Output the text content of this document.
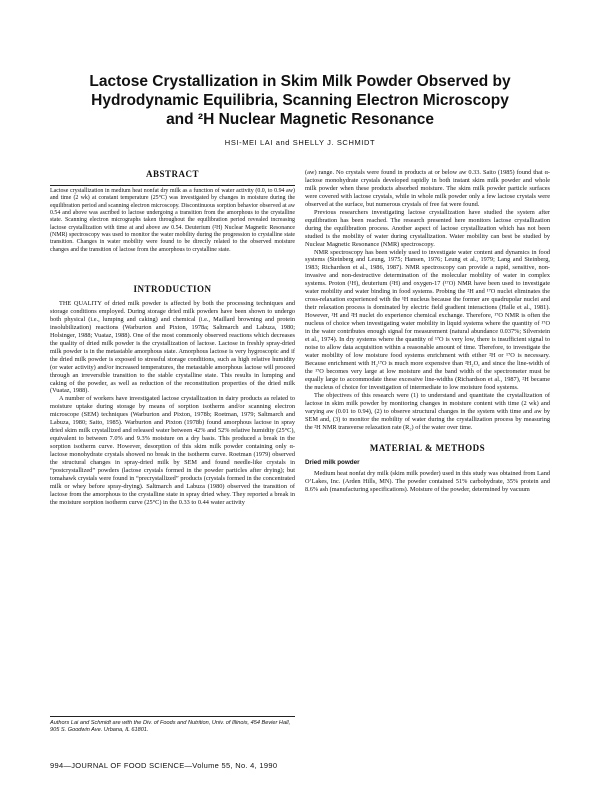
Lactose Crystallization in Skim Milk Powder Observed by
Hydrodynamic Equilibria, Scanning Electron Microscopy
and ²H Nuclear Magnetic Resonance
HSI-MEI LAI and SHELLY J. SCHMIDT
ABSTRACT

Lactose crystallization in medium heat nonfat dry milk as a function of water activity (0.0, to 0.94 aw) and time (2 wk) at constant temperature (25°C) was investigated by changes in moisture during the equilibration period and scanning electron microscopy. Discontinuous sorption behavior observed at aw 0.54 and above was ascribed to lactose undergoing a transition from the amorphous to the crystalline state. Scanning electron micrographs taken throughout the equilibration period revealed increasing lactose crystallization with time at and above aw 0.54. Deuterium (²H) Nuclear Magnetic Resonance (NMR) spectroscopy was used to monitor the water mobility during the progression to crystalline state transition. Changes in water mobility were found to be directly related to the observed moisture changes and the transition of lactose from the amorphous to crystalline state.

INTRODUCTION

THE QUALITY of dried milk powder is affected by both the processing techniques and storage conditions employed. During storage dried milk powders have been shown to undergo both physical (i.e., lumping and caking) and chemical (i.e., Maillard browning and protein insolubilization) reactions (Warburton and Pixton, 1978a; Saltmarch and Labuza, 1980; Holsinger, 1988; Vuataz, 1988). One of the most commonly observed reactions which decreases the quality of dried milk powder is the crystallization of lactose. Lactose in freshly spray-dried milk powder is in the metastable amorphous state. Amorphous lactose is very hygroscopic and if the dried milk powder is exposed to stressful storage conditions, such as high relative humidity (or water activity) and/or increased temperatures, the metastable amorphous lactose will proceed through an irreversible transition to the stable crystalline state. This results in lumping and caking of the powder, as well as reduction of the reconstitution properties of the dried milk (Vuataz, 1988).

A number of workers have investigated lactose crystallization in dairy products as related to moisture uptake during storage by means of sorption isotherm and/or scanning electron microscope (SEM) techniques (Warburton and Pixton, 1978b; Roetman, 1979; Saltmarch and Labuza, 1980; Saito, 1985). Warburton and Pixton (1978b) found amorphous lactose in spray dried skim milk crystallized and released water between 42% and 52% relative humidity (25°C), equivalent to between 7.0% and 9.3% moisture on a dry basis. This produced a break in the sorption isotherm curve. However, desorption of this skim milk powder containing only α-lactose monohydrate crystals showed no break in the isotherm curve. Roetman (1979) observed the structural changes in spray-dried milk by SEM and found needle-like crystals in “postcrystallized” powders (lactose crystals formed in the powder particles after drying); but tomahawk crystals were found in “precrystallized” products (crystals formed in the concentrated milk or whey before spray-drying). Saltmarch and Labuza (1980) observed the transition of lactose from the amorphous to the crystalline state in spray dried whey. They reported a break in the moisture sorption isotherm curve (25°C) in the 0.33 to 0.44 water activity

(aw) range. No crystals were found in products at or below aw 0.33. Saito (1985) found that α-lactose monohydrate crystals developed rapidly in both instant skim milk powder and whole milk powder when these products absorbed moisture. The skim milk powder particle surfaces were covered with lactose crystals, while in whole milk powder only a few lactose crystals were observed at the surface, but numerous crystals of free fat were found.

Previous researchers investigating lactose crystallization have studied the system after equilibration has been reached. The research presented here monitors lactose crystallization during the equilibration process. Another aspect of lactose crystallization which has not been studied is the mobility of water during crystallization. Water mobility can best be studied by Nuclear Magnetic Resonance (NMR) spectroscopy.

NMR spectroscopy has been widely used to investigate water content and dynamics in food systems (Steinberg and Leung, 1975; Hansen, 1976; Leung et al., 1979; Lang and Steinberg, 1983; Richardson et al., 1986, 1987). NMR spectroscopy can provide a rapid, sensitive, non-invasive and non-destructive determination of the molecular mobility of water in complex systems. Proton (¹H), deuterium (²H) and oxygen-17 (¹⁷O) NMR have been used to investigate water mobility and water binding in food systems. Probing the ²H and ¹⁷O nuclei eliminates the cross-relaxation experienced with the ¹H nucleus because the former are quadrupolar nuclei and their relaxation process is dominated by electric field gradient interactions (Halle et al., 1981). However, ¹H and ²H nuclei do experience chemical exchange. Therefore, ¹⁷O NMR is often the nucleus of choice when investigating water mobility in liquid systems where the quantity of ¹⁷O in the water contributes enough signal for measurement (natural abundance 0.037%; Silverstein et al., 1974). In dry systems where the quantity of ¹⁷O is very low, there is insufficient signal to noise to allow data acquisition within a reasonable amount of time. Therefore, to investigate the water mobility of low moisture food systems enrichment with either ²H or ¹⁷O is necessary. Because enrichment with H₂¹⁷O is much more expensive than ²H₂O, and since the line-width of the ¹⁷O becomes very large at low moisture and the band width of the spectrometer must be equally large to accommodate these excessive line-widths (Richardson et al., 1987), ²H became the nucleus of choice for investigation of intermediate to low moisture food systems.

The objectives of this research were (1) to understand and quantitate the crystallization of lactose in skim milk powder by monitoring changes in moisture content with time (2 wk) and varying aw (0.01 to 0.94), (2) to observe structural changes in the system with time and aw by SEM and, (3) to monitor the mobility of water during the crystallization process by measuring the ²H NMR transverse relaxation rate (R₂) of the water over time.

MATERIAL & METHODS
Dried milk powder

Medium heat nonfat dry milk (skim milk powder) used in this study was obtained from Land O’Lakes, Inc. (Arden Hills, MN). The powder contained 51% carbohydrate, 35% protein and 8.6% ash (manufacturing specifications). Moisture of the powder, determined by vacuum

Authors Lai and Schmidt are with the Div. of Foods and Nutrition, Univ. of Illinois, 454 Bevier Hall, 905 S. Goodwin Ave. Urbana, IL 61801.
994—JOURNAL OF FOOD SCIENCE—Volume 55, No. 4, 1990
